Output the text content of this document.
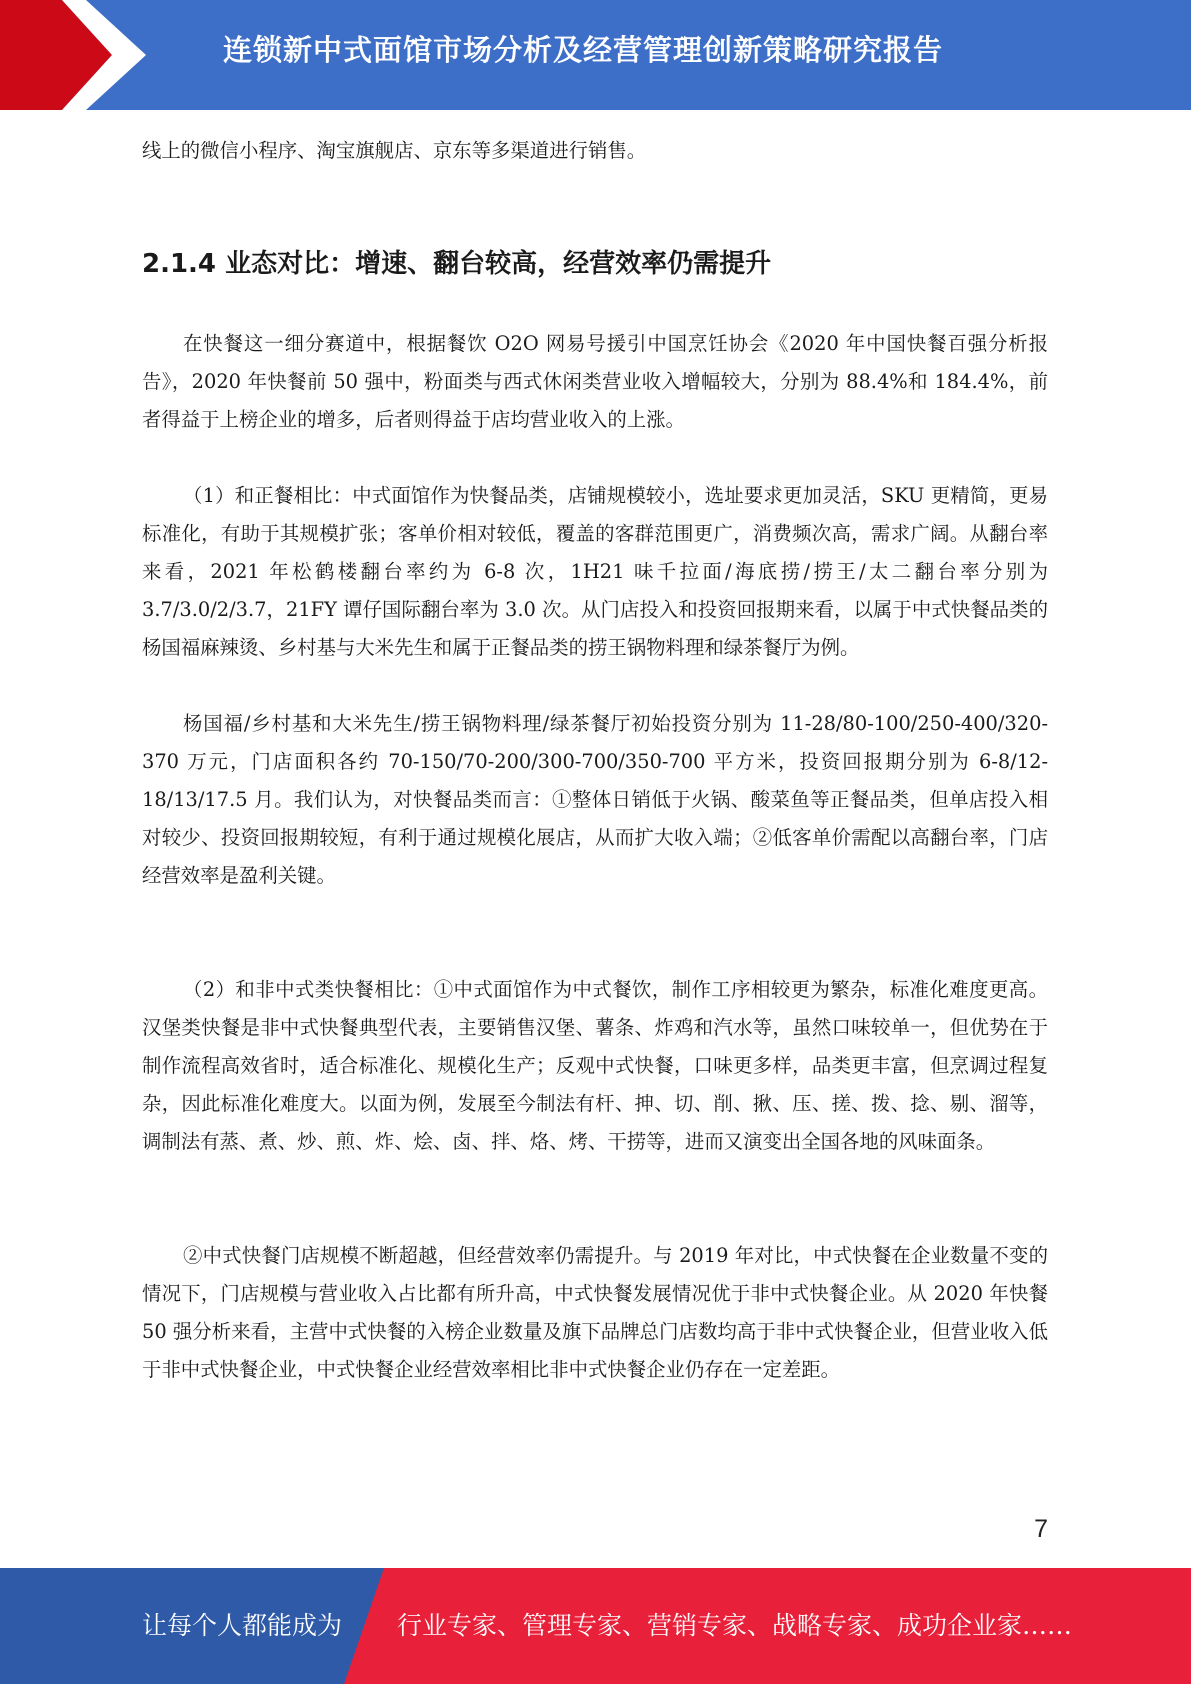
连锁新中式面馆市场分析及经营管理创新策略研究报告

线上的微信小程序、淘宝旗舰店、京东等多渠道进行销售。

2.1.4 业态对比：增速、翻台较高，经营效率仍需提升

在快餐这一细分赛道中，根据餐饮 O2O 网易号援引中国烹饪协会《2020 年中国快餐百强分析报告》，2020 年快餐前 50 强中，粉面类与西式休闲类营业收入增幅较大，分别为 88.4%和 184.4%，前者得益于上榜企业的增多，后者则得益于店均营业收入的上涨。

（1）和正餐相比：中式面馆作为快餐品类，店铺规模较小，选址要求更加灵活，SKU 更精简，更易标准化，有助于其规模扩张；客单价相对较低，覆盖的客群范围更广，消费频次高，需求广阔。从翻台率来看，2021 年松鹤楼翻台率约为 6-8 次，1H21 味千拉面/海底捞/捞王/太二翻台率分别为 3.7/3.0/2/3.7，21FY 谭仔国际翻台率为 3.0 次。从门店投入和投资回报期来看，以属于中式快餐品类的杨国福麻辣烫、乡村基与大米先生和属于正餐品类的捞王锅物料理和绿茶餐厅为例。

杨国福/乡村基和大米先生/捞王锅物料理/绿茶餐厅初始投资分别为 11-28/80-100/250-400/320-370 万元，门店面积各约 70-150/70-200/300-700/350-700 平方米，投资回报期分别为 6-8/12-18/13/17.5 月。我们认为，对快餐品类而言：①整体日销低于火锅、酸菜鱼等正餐品类，但单店投入相对较少、投资回报期较短，有利于通过规模化展店，从而扩大收入端；②低客单价需配以高翻台率，门店经营效率是盈利关键。

（2）和非中式类快餐相比：①中式面馆作为中式餐饮，制作工序相较更为繁杂，标准化难度更高。汉堡类快餐是非中式快餐典型代表，主要销售汉堡、薯条、炸鸡和汽水等，虽然口味较单一，但优势在于制作流程高效省时，适合标准化、规模化生产；反观中式快餐，口味更多样，品类更丰富，但烹调过程复杂，因此标准化难度大。以面为例，发展至今制法有杆、抻、切、削、揪、压、搓、拨、捻、剔、溜等，调制法有蒸、煮、炒、煎、炸、烩、卤、拌、烙、烤、干捞等，进而又演变出全国各地的风味面条。

②中式快餐门店规模不断超越，但经营效率仍需提升。与 2019 年对比，中式快餐在企业数量不变的情况下，门店规模与营业收入占比都有所升高，中式快餐发展情况优于非中式快餐企业。从 2020 年快餐 50 强分析来看，主营中式快餐的入榜企业数量及旗下品牌总门店数均高于非中式快餐企业，但营业收入低于非中式快餐企业，中式快餐企业经营效率相比非中式快餐企业仍存在一定差距。

7
让每个人都能成为 行业专家、管理专家、营销专家、战略专家、成功企业家……
